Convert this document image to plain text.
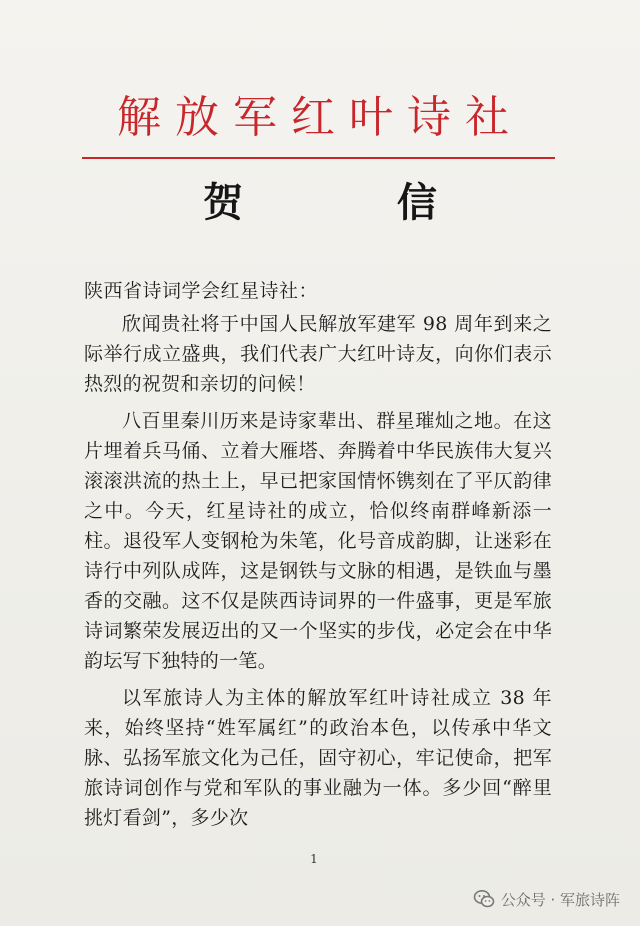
解放军红叶诗社
贺  信
陕西省诗词学会红星诗社：

欣闻贵社将于中国人民解放军建军 98 周年到来之际举行成立盛典，我们代表广大红叶诗友，向你们表示热烈的祝贺和亲切的问候！

八百里秦川历来是诗家辈出、群星璀灿之地。在这片埋着兵马俑、立着大雁塔、奔腾着中华民族伟大复兴滚滚洪流的热土上，早已把家国情怀镌刻在了平仄韵律之中。今天，红星诗社的成立，恰似终南群峰新添一柱。退役军人变钢枪为朱笔，化号音成韵脚，让迷彩在诗行中列队成阵，这是钢铁与文脉的相遇，是铁血与墨香的交融。这不仅是陕西诗词界的一件盛事，更是军旅诗词繁荣发展迈出的又一个坚实的步伐，必定会在中华韵坛写下独特的一笔。

以军旅诗人为主体的解放军红叶诗社成立 38 年来，始终坚持“姓军属红”的政治本色，以传承中华文脉、弘扬军旅文化为己任，固守初心，牢记使命，把军旅诗词创作与党和军队的事业融为一体。多少回“醉里挑灯看剑”，多少次

1
公众号 · 军旅诗阵
